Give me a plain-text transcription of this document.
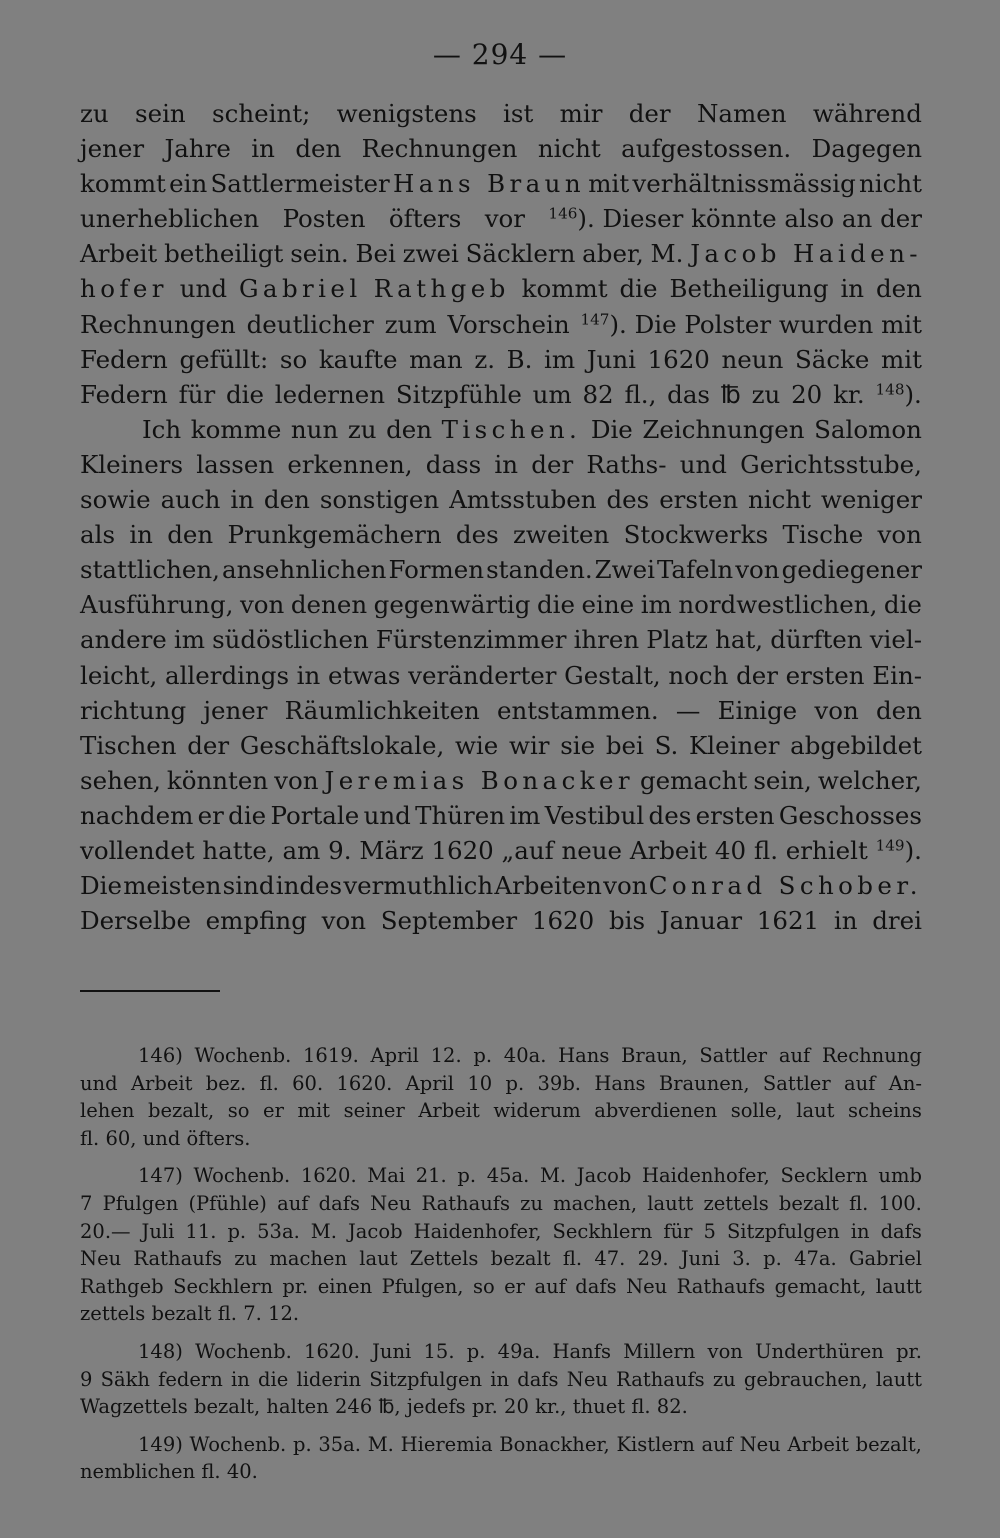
— 294 —
zu sein scheint; wenigstens ist mir der Namen während
jener Jahre in den Rechnungen nicht aufgestossen. Dagegen
kommt ein Sattlermeister Hans Braun mit verhältnissmässig nicht
unerheblichen Posten öfters vor $^{146}$). Dieser könnte also an der
Arbeit betheiligt sein. Bei zwei Säcklern aber, M. Jacob Haiden-
hofer und Gabriel Rathgeb kommt die Betheiligung in den
Rechnungen deutlicher zum Vorschein $^{147}$). Die Polster wurden mit
Federn gefüllt: so kaufte man z. B. im Juni 1620 neun Säcke mit
Federn für die ledernen Sitzpfühle um 82 fl., das ℔ zu 20 kr. $^{148}$).
Ich komme nun zu den Tischen. Die Zeichnungen Salomon
Kleiners lassen erkennen, dass in der Raths- und Gerichtsstube,
sowie auch in den sonstigen Amtsstuben des ersten nicht weniger
als in den Prunkgemächern des zweiten Stockwerks Tische von
stattlichen, ansehnlichen Formen standen. Zwei Tafeln von gediegener
Ausführung, von denen gegenwärtig die eine im nordwestlichen, die
andere im südöstlichen Fürstenzimmer ihren Platz hat, dürften viel-
leicht, allerdings in etwas veränderter Gestalt, noch der ersten Ein-
richtung jener Räumlichkeiten entstammen. — Einige von den
Tischen der Geschäftslokale, wie wir sie bei S. Kleiner abgebildet
sehen, könnten von Jeremias Bonacker gemacht sein, welcher,
nachdem er die Portale und Thüren im Vestibul des ersten Geschosses
vollendet hatte, am 9. März 1620 „auf neue Arbeit 40 fl. erhielt $^{149}$).
Die meisten sind indes vermuthlich Arbeiten von Conrad Schober.
Derselbe empfing von September 1620 bis Januar 1621 in drei
146) Wochenb. 1619. April 12. p. 40a. Hans Braun, Sattler auf Rechnung
und Arbeit bez. fl. 60. 1620. April 10 p. 39b. Hans Braunen, Sattler auf An-
lehen bezalt, so er mit seiner Arbeit widerum abverdienen solle, laut scheins
fl. 60, und öfters.
147) Wochenb. 1620. Mai 21. p. 45a. M. Jacob Haidenhofer, Secklern umb
7 Pfulgen (Pfühle) auf dafs Neu Rathaufs zu machen, lautt zettels bezalt fl. 100.
20.— Juli 11. p. 53a. M. Jacob Haidenhofer, Seckhlern für 5 Sitzpfulgen in dafs
Neu Rathaufs zu machen laut Zettels bezalt fl. 47. 29. Juni 3. p. 47a. Gabriel
Rathgeb Seckhlern pr. einen Pfulgen, so er auf dafs Neu Rathaufs gemacht, lautt
zettels bezalt fl. 7. 12.
148) Wochenb. 1620. Juni 15. p. 49a. Hanfs Millern von Underthüren pr.
9 Säkh federn in die liderin Sitzpfulgen in dafs Neu Rathaufs zu gebrauchen, lautt
Wagzettels bezalt, halten 246 ℔, jedefs pr. 20 kr., thuet fl. 82.
149) Wochenb. p. 35a. M. Hieremia Bonackher, Kistlern auf Neu Arbeit bezalt,
nemblichen fl. 40.
